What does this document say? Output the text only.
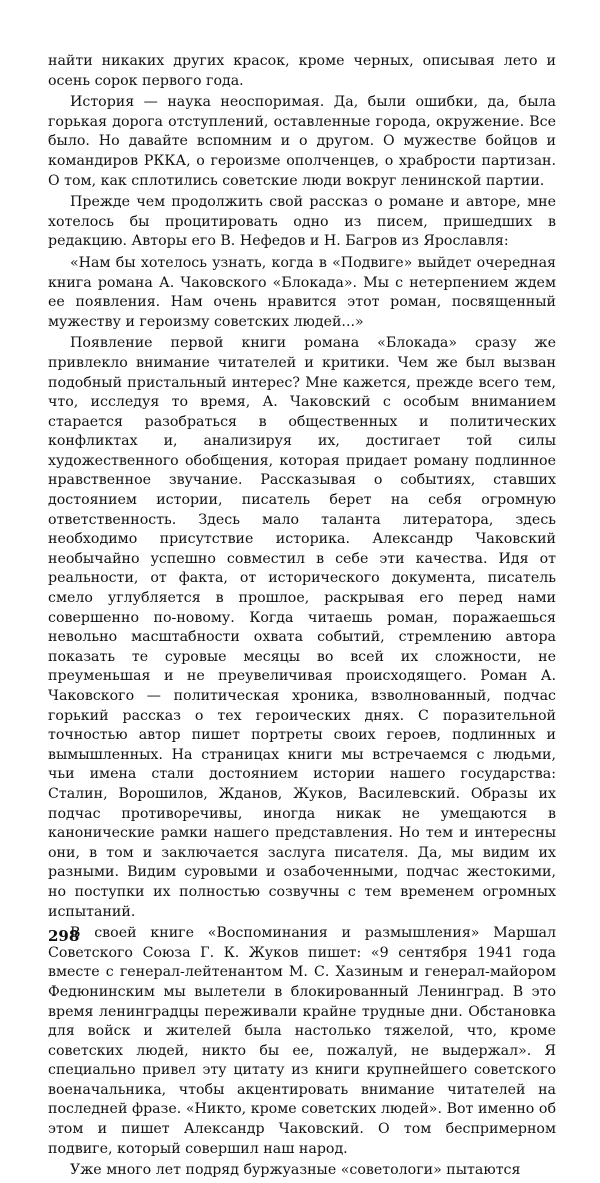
найти никаких других красок, кроме черных, описывая лето и осень сорок первого года.

История — наука неоспоримая. Да, были ошибки, да, была горькая дорога отступлений, оставленные города, окружение. Все было. Но давайте вспомним и о другом. О мужестве бойцов и командиров РККА, о героизме ополченцев, о храбрости партизан. О том, как сплотились советские люди вокруг ленинской партии.

Прежде чем продолжить свой рассказ о романе и авторе, мне хотелось бы процитировать одно из писем, пришедших в редакцию. Авторы его В. Нефедов и Н. Багров из Ярославля:

«Нам бы хотелось узнать, когда в «Подвиге» выйдет очередная книга романа А. Чаковского «Блокада». Мы с нетерпением ждем ее появления. Нам очень нравится этот роман, посвященный мужеству и героизму советских людей...»

Появление первой книги романа «Блокада» сразу же привлекло внимание читателей и критики. Чем же был вызван подобный пристальный интерес? Мне кажется, прежде всего тем, что, исследуя то время, А. Чаковский с особым вниманием старается разобраться в общественных и политических конфликтах и, анализируя их, достигает той силы художественного обобщения, которая придает роману подлинное нравственное звучание. Рассказывая о событиях, ставших достоянием истории, писатель берет на себя огромную ответственность. Здесь мало таланта литератора, здесь необходимо присутствие историка. Александр Чаковский необычайно успешно совместил в себе эти качества. Идя от реальности, от факта, от исторического документа, писатель смело углубляется в прошлое, раскрывая его перед нами совершенно по-новому. Когда читаешь роман, поражаешься невольно масштабности охвата событий, стремлению автора показать те суровые месяцы во всей их сложности, не преуменьшая и не преувеличивая происходящего. Роман А. Чаковского — политическая хроника, взволнованный, подчас горький рассказ о тех героических днях. С поразительной точностью автор пишет портреты своих героев, подлинных и вымышленных. На страницах книги мы встречаемся с людьми, чьи имена стали достоянием истории нашего государства: Сталин, Ворошилов, Жданов, Жуков, Василевский. Образы их подчас противоречивы, иногда никак не умещаются в канонические рамки нашего представления. Но тем и интересны они, в том и заключается заслуга писателя. Да, мы видим их разными. Видим суровыми и озабоченными, подчас жестокими, но поступки их полностью созвучны с тем временем огромных испытаний.

В своей книге «Воспоминания и размышления» Маршал Советского Союза Г. К. Жуков пишет: «9 сентября 1941 года вместе с генерал-лейтенантом М. С. Хазиным и генерал-майором Федюнинским мы вылетели в блокированный Ленинград. В это время ленинградцы переживали крайне трудные дни. Обстановка для войск и жителей была настолько тяжелой, что, кроме советских людей, никто бы ее, пожалуй, не выдержал». Я специально привел эту цитату из книги крупнейшего советского военачальника, чтобы акцентировать внимание читателей на последней фразе. «Никто, кроме советских людей». Вот именно об этом и пишет Александр Чаковский. О том беспримерном подвиге, который совершил наш народ.

Уже много лет подряд буржуазные «советологи» пытаются

298
